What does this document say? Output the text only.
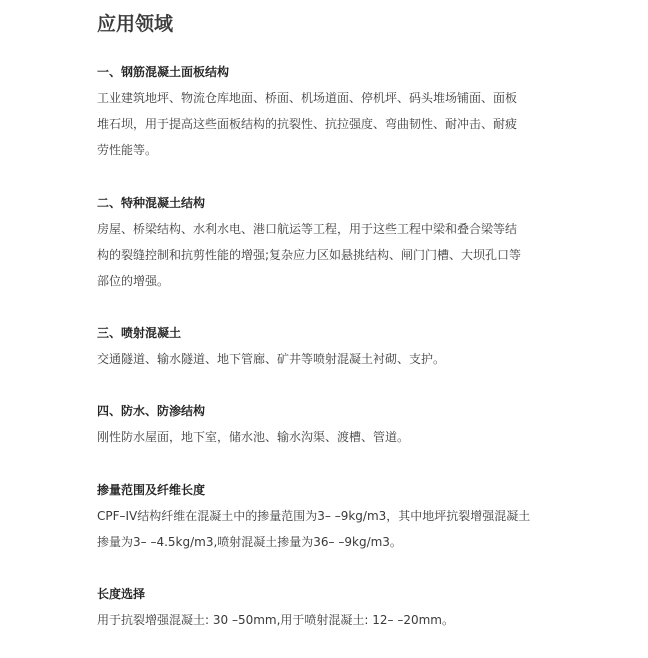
应用领域
一、钢筋混凝土面板结构
工业建筑地坪、物流仓库地面、桥面、机场道面、停机坪、码头堆场铺面、面板
堆石坝，用于提高这些面板结构的抗裂性、抗拉强度、弯曲韧性、耐冲击、耐疲
劳性能等。
二、特种混凝土结构
房屋、桥梁结构、水利水电、港口航运等工程，用于这些工程中梁和叠合梁等结
构的裂缝控制和抗剪性能的增强;复杂应力区如悬挑结构、闸门门槽、大坝孔口等
部位的增强。
三、喷射混凝土
交通隧道、输水隧道、地下管廊、矿井等喷射混凝土衬砌、支护。
四、防水、防渗结构
刚性防水屋面，地下室，储水池、输水沟渠、渡槽、管道。
掺量范围及纤维长度
CPF–IV结构纤维在混凝土中的掺量范围为3– –9kg/m3，其中地坪抗裂增强混凝土
掺量为3– –4.5kg/m3,喷射混凝土掺量为36– –9kg/m3。
长度选择
用于抗裂增强混凝土: 30 –50mm,用于喷射混凝土: 12– –20mm。
